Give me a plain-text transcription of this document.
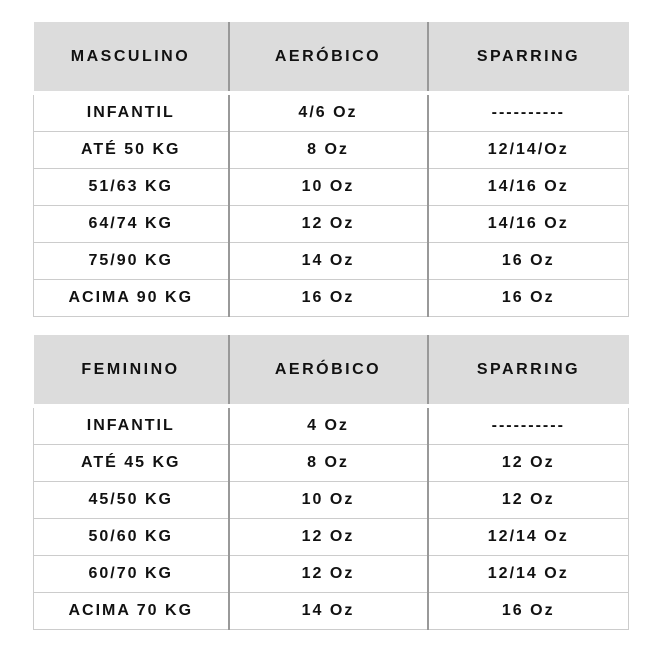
MASCULINO	AERÓBICO	SPARRING
INFANTIL	4/6 Oz	----------
ATÉ 50 KG	8 Oz	12/14/Oz
51/63 KG	10 Oz	14/16 Oz
64/74 KG	12 Oz	14/16 Oz
75/90 KG	14 Oz	16 Oz
ACIMA 90 KG	16 Oz	16 Oz
FEMININO	AERÓBICO	SPARRING
INFANTIL	4 Oz	----------
ATÉ 45 KG	8 Oz	12 Oz
45/50 KG	10 Oz	12 Oz
50/60 KG	12 Oz	12/14 Oz
60/70 KG	12 Oz	12/14 Oz
ACIMA 70 KG	14 Oz	16 Oz
